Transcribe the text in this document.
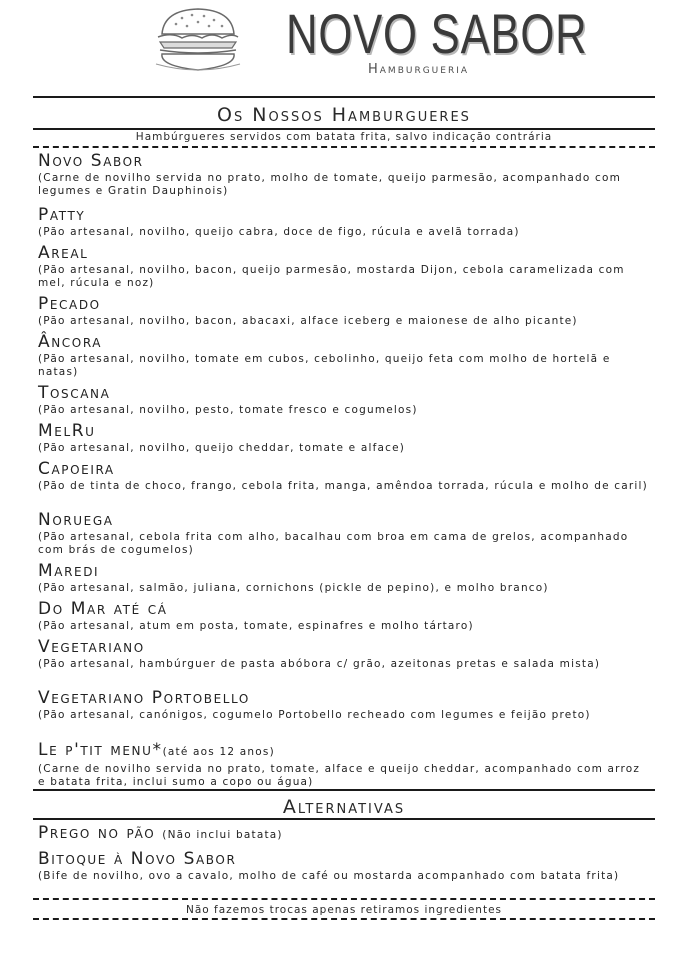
NOVO SABOR
Hamburgueria
Os Nossos Hamburgueres
Hambúrgueres servidos com batata frita, salvo indicação contrária
Novo Sabor
(Carne de novilho servida no prato, molho de tomate, queijo parmesão, acompanhado com legumes e Gratin Dauphinois)
Patty
(Pão artesanal, novilho, queijo cabra, doce de figo, rúcula e avelã torrada)
Areal
(Pão artesanal, novilho, bacon, queijo parmesão, mostarda Dijon, cebola caramelizada com mel, rúcula e noz)
Pecado
(Pão artesanal, novilho, bacon, abacaxi, alface iceberg e maionese de alho picante)
Âncora
(Pão artesanal, novilho, tomate em cubos, cebolinho, queijo feta com molho de hortelã e natas)
Toscana
(Pão artesanal, novilho, pesto, tomate fresco e cogumelos)
MelRu
(Pão artesanal, novilho, queijo cheddar, tomate e alface)
Capoeira
(Pão de tinta de choco, frango, cebola frita, manga, amêndoa torrada, rúcula e molho de caril)
Noruega
(Pão artesanal, cebola frita com alho, bacalhau com broa em cama de grelos, acompanhado com brás de cogumelos)
Maredi
(Pão artesanal, salmão, juliana, cornichons (pickle de pepino), e molho branco)
Do Mar até cá
(Pão artesanal, atum em posta, tomate, espinafres e molho tártaro)
Vegetariano
(Pão artesanal, hambúrguer de pasta abóbora c/ grão, azeitonas pretas e salada mista)
Vegetariano Portobello
(Pão artesanal, canónigos, cogumelo Portobello recheado com legumes e feijão preto)
Le p'tit menu*(até aos 12 anos)
(Carne de novilho servida no prato, tomate, alface e queijo cheddar, acompanhado com arroz e batata frita, inclui sumo a copo ou água)
Alternativas
Prego no pão (Não inclui batata)
Bitoque à Novo Sabor
(Bife de novilho, ovo a cavalo, molho de café ou mostarda acompanhado com batata frita)
Não fazemos trocas apenas retiramos ingredientes
